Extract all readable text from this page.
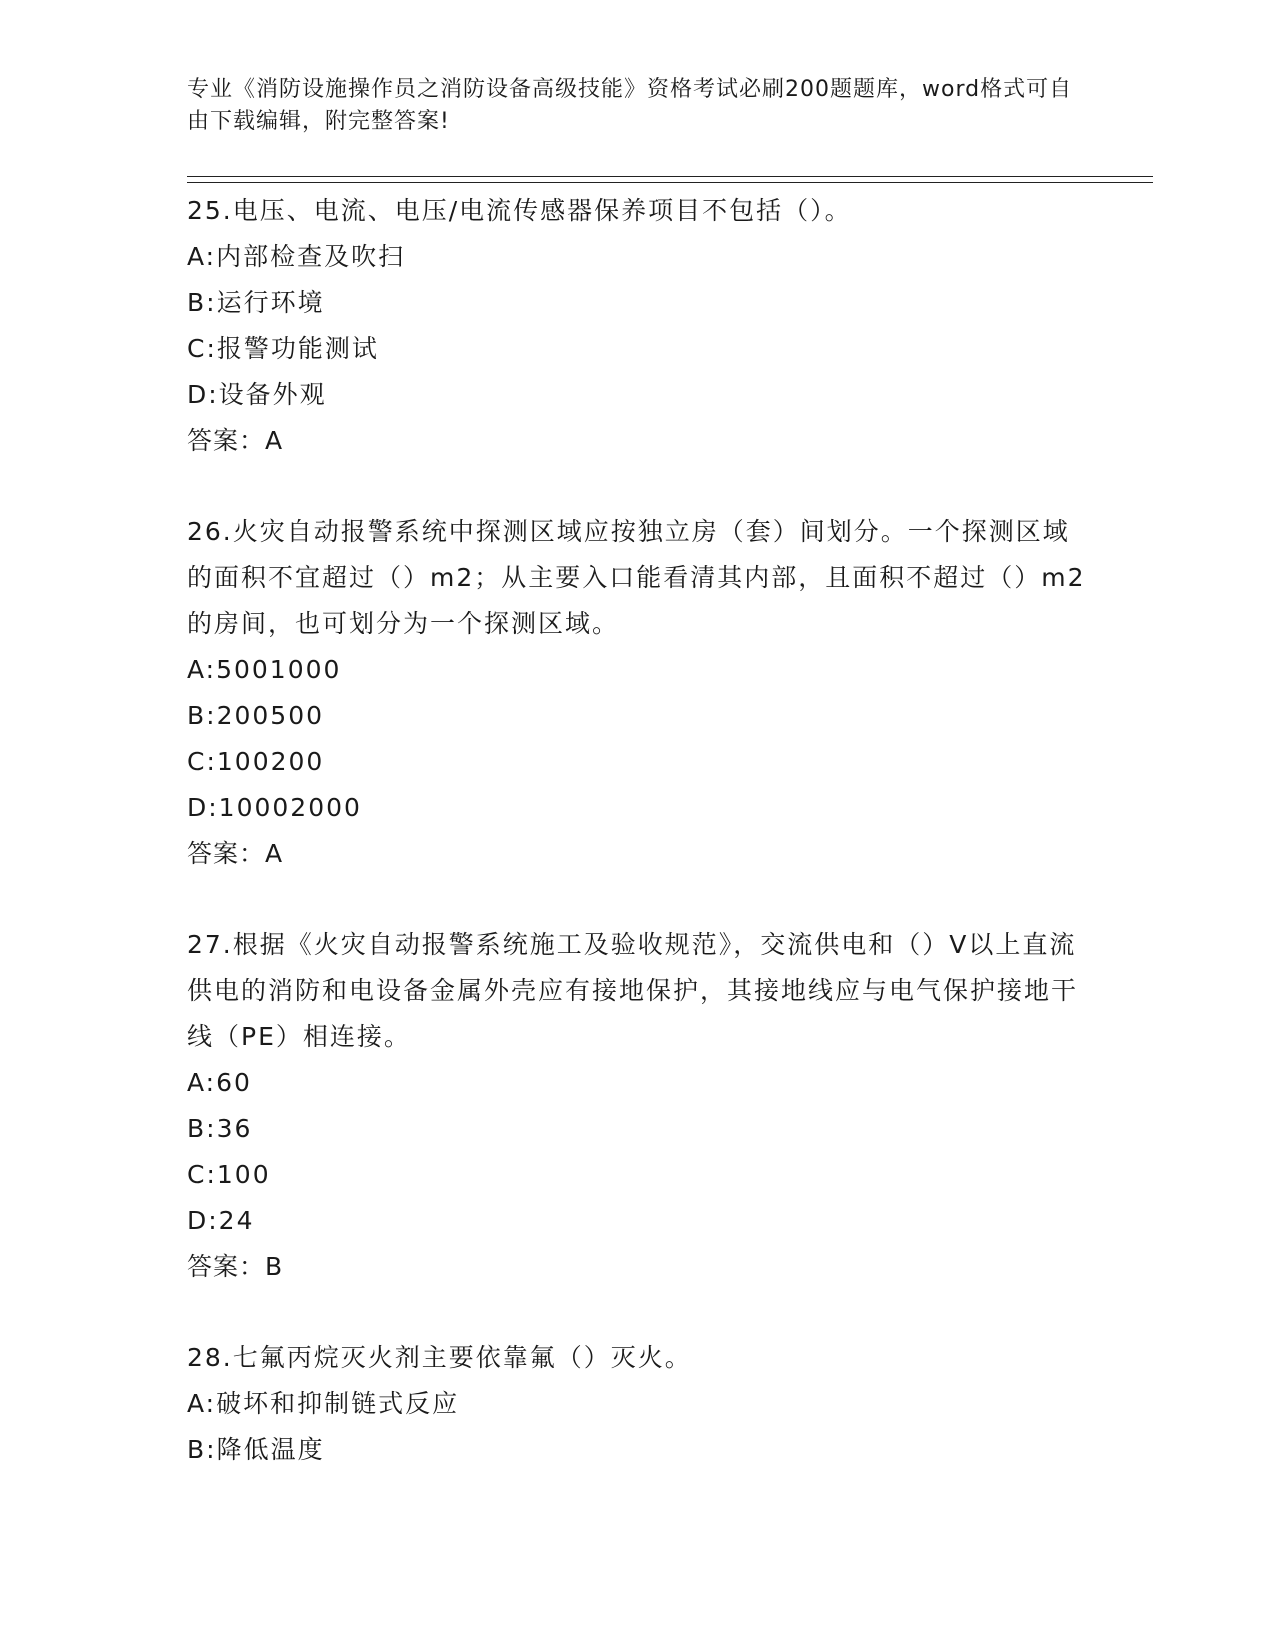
专业《消防设施操作员之消防设备高级技能》资格考试必刷200题题库，word格式可自由下载编辑，附完整答案!

25.电压、电流、电压/电流传感器保养项目不包括（）。

A:内部检查及吹扫

B:运行环境

C:报警功能测试

D:设备外观

答案：A

26.火灾自动报警系统中探测区域应按独立房（套）间划分。一个探测区域的面积不宜超过（）m2；从主要入口能看清其内部，且面积不超过（）m2的房间，也可划分为一个探测区域。

A:5001000

B:200500

C:100200

D:10002000

答案：A

27.根据《火灾自动报警系统施工及验收规范》，交流供电和（）V以上直流供电的消防和电设备金属外壳应有接地保护，其接地线应与电气保护接地干线（PE）相连接。

A:60

B:36

C:100

D:24

答案：B

28.七氟丙烷灭火剂主要依靠氟（）灭火。

A:破坏和抑制链式反应

B:降低温度
